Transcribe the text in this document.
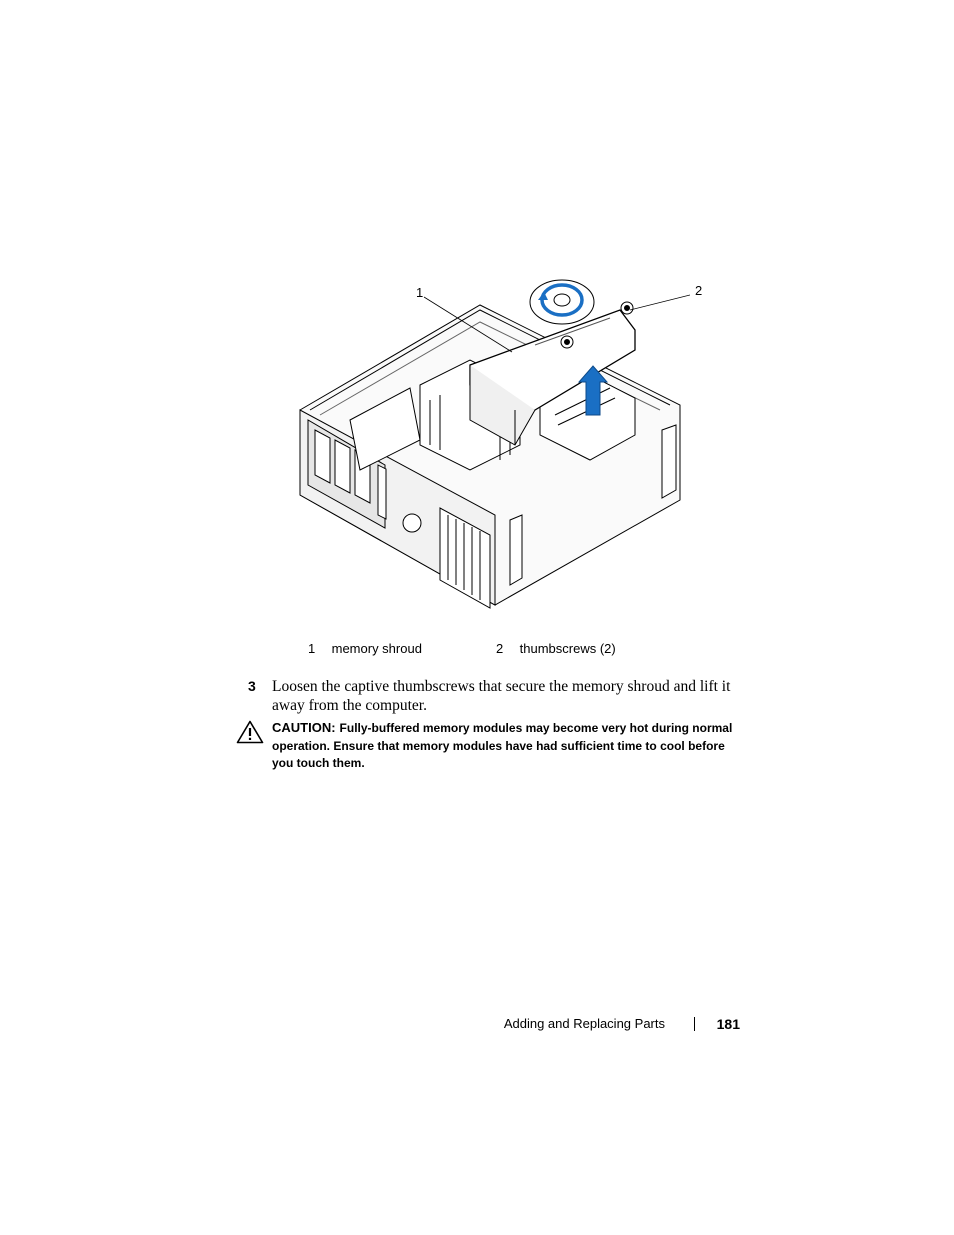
1	2
1 memory shroud	2 thumbscrews (2)
3 Loosen the captive thumbscrews that secure the memory shroud and lift it away from the computer.
CAUTION: Fully-buffered memory modules may become very hot during normal operation. Ensure that memory modules have had sufficient time to cool before you touch them.
Adding and Replacing Parts	181
